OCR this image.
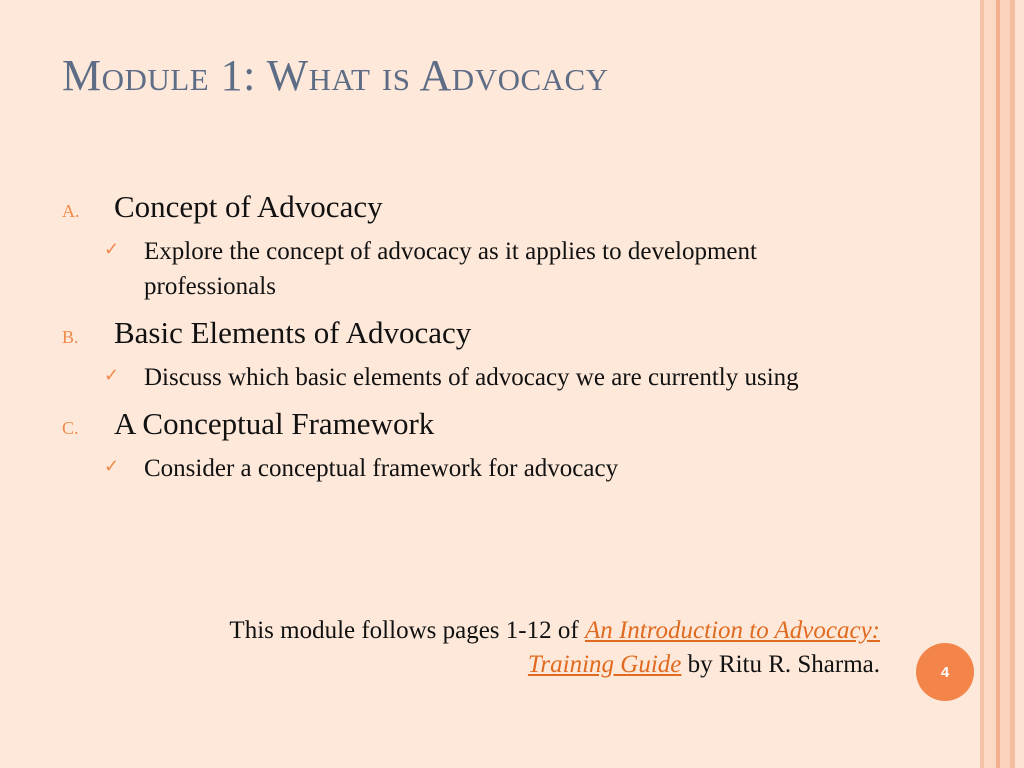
Module 1: What is Advocacy
A.	Concept of Advocacy
✓ Explore the concept of advocacy as it applies to development professionals
B.	Basic Elements of Advocacy
✓ Discuss which basic elements of advocacy we are currently using
C.	A Conceptual Framework
✓ Consider a conceptual framework for advocacy
This module follows pages 1-12 of An Introduction to Advocacy: Training Guide by Ritu R. Sharma.	4
